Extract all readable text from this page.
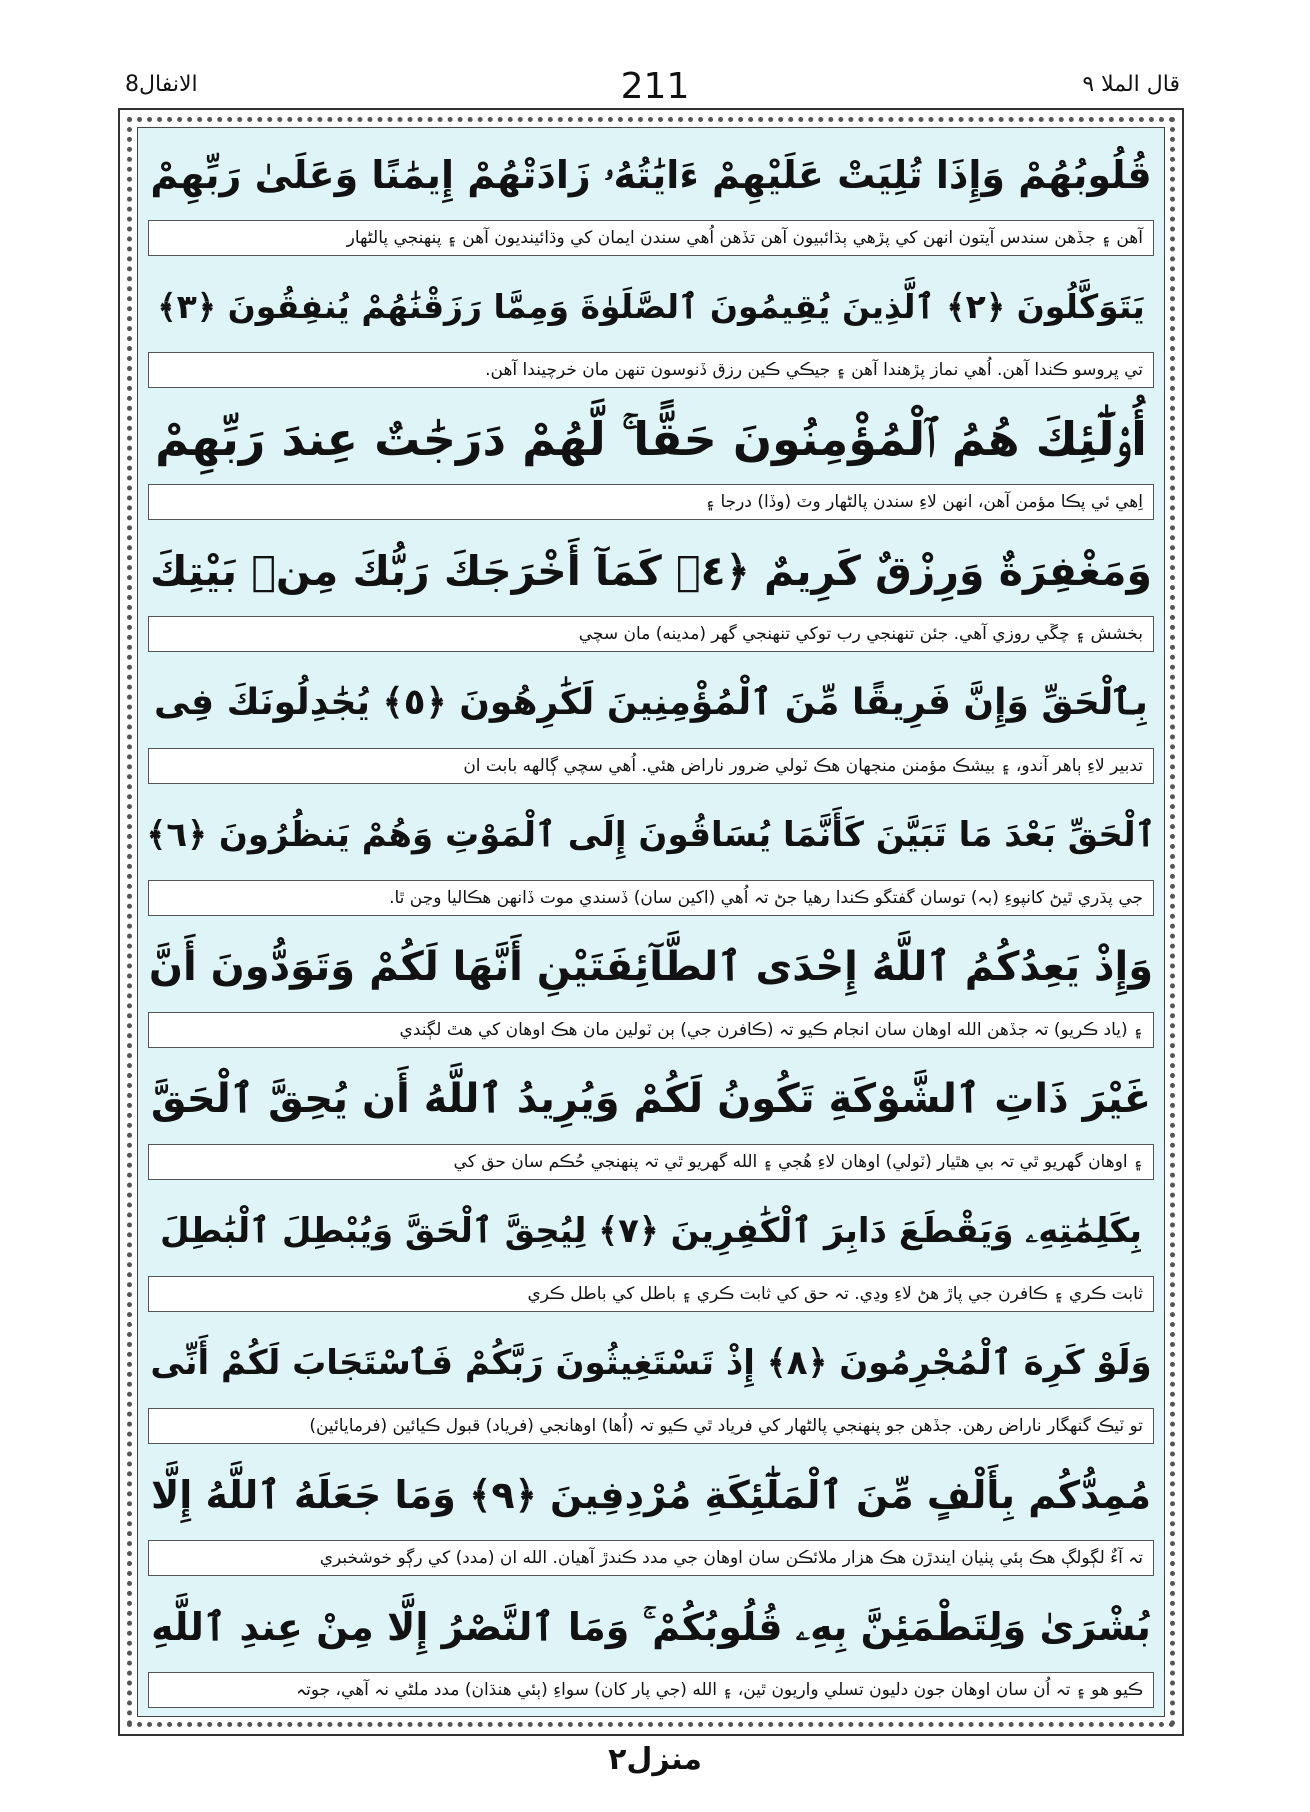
الانفال8	211	قال الملا ٩
قُلُوبُهُمْ وَإِذَا تُلِيَتْ عَلَيْهِمْ ءَايَٰتُهُۥ زَادَتْهُمْ إِيمَٰنًا وَعَلَىٰ رَبِّهِمْ
آهن ۽ جڏهن سندس آيتون انهن کي پڙهي ٻڌائبيون آهن تڏهن اُهي سندن ايمان کي وڌائينديون آهن ۽ پنهنجي پالڻهار
يَتَوَكَّلُونَ ﴿٢﴾ ٱلَّذِينَ يُقِيمُونَ ٱلصَّلَوٰةَ وَمِمَّا رَزَقْنَٰهُمْ يُنفِقُونَ ﴿٣﴾
تي ڀروسو ڪندا آهن. اُهي نماز پڙهندا آهن ۽ جيڪي ڪين رزق ڏنوسون تنهن مان خرچيندا آهن.
أُو۟لَٰٓئِكَ هُمُ ٱلْمُؤْمِنُونَ حَقًّا ۚ لَّهُمْ دَرَجَٰتٌ عِندَ رَبِّهِمْ
اِهي ئي پڪا مؤمن آهن، انهن لاءِ سندن پالڻهار وٽ (وڏا) درجا ۽
وَمَغْفِرَةٌ وَرِزْقٌ كَرِيمٌ ﴿٤﴾ كَمَآ أَخْرَجَكَ رَبُّكَ مِنۢ بَيْتِكَ
بخشش ۽ چڱي روزي آهي. جئن تنهنجي رب توکي تنهنجي گهر (مدينه) مان سچي
بِٱلْحَقِّ وَإِنَّ فَرِيقًا مِّنَ ٱلْمُؤْمِنِينَ لَكَٰرِهُونَ ﴿٥﴾ يُجَٰدِلُونَكَ فِى
تدبير لاءِ ٻاهر آندو، ۽ بيشڪ مؤمنن منجهان هڪ ٽولي ضرور ناراض هئي. اُهي سچي ڳالهه بابت ان
ٱلْحَقِّ بَعْدَ مَا تَبَيَّنَ كَأَنَّمَا يُسَاقُونَ إِلَى ٱلْمَوْتِ وَهُمْ يَنظُرُونَ ﴿٦﴾
جي پڌري ٿيڻ کانپوءِ (بہ) توسان گفتگو ڪندا رهيا جڻ تہ اُهي (اکين سان) ڏسندي موت ڏانهن هڪاليا وڃن ٿا.
وَإِذْ يَعِدُكُمُ ٱللَّهُ إِحْدَى ٱلطَّآئِفَتَيْنِ أَنَّهَا لَكُمْ وَتَوَدُّونَ أَنَّ
۽ (ياد ڪريو) تہ جڏهن الله اوهان سان انجام ڪيو تہ (ڪافرن جي) ٻن ٽولين مان هڪ اوهان کي هٿ لڳندي
غَيْرَ ذَاتِ ٱلشَّوْكَةِ تَكُونُ لَكُمْ وَيُرِيدُ ٱللَّهُ أَن يُحِقَّ ٱلْحَقَّ
۽ اوهان گهريو ٿي تہ بي هٿيار (ٽولي) اوهان لاءِ هُجي ۽ الله گهريو ٿي تہ پنهنجي حُڪم سان حق کي
بِكَلِمَٰتِهِۦ وَيَقْطَعَ دَابِرَ ٱلْكَٰفِرِينَ ﴿٧﴾ لِيُحِقَّ ٱلْحَقَّ وَيُبْطِلَ ٱلْبَٰطِلَ
ثابت ڪري ۽ ڪافرن جي پاڙ ھڻ لاءِ وڍي. تہ حق کي ثابت ڪري ۽ باطل کي باطل ڪري
وَلَوْ كَرِهَ ٱلْمُجْرِمُونَ ﴿٨﴾ إِذْ تَسْتَغِيثُونَ رَبَّكُمْ فَٱسْتَجَابَ لَكُمْ أَنِّى
تو ٽيڪ گنهگار ناراض رهن. جڏهن جو پنهنجي پالڻهار کي فرياد ٿي ڪيو تہ (اُها) اوهانجي (فرياد) قبول ڪيائين (فرمايائين)
مُمِدُّكُم بِأَلْفٍ مِّنَ ٱلْمَلَٰٓئِكَةِ مُرْدِفِينَ ﴿٩﴾ وَمَا جَعَلَهُ ٱللَّهُ إِلَّا
تہ آءٌ لڳولڳ هڪ ٻئي پٺيان ايندڙن هڪ هزار ملائڪن سان اوهان جي مدد ڪندڙ آهيان. الله ان (مدد) کي رڳو خوشخبري
بُشْرَىٰ وَلِتَطْمَئِنَّ بِهِۦ قُلُوبُكُمْ ۚ وَمَا ٱلنَّصْرُ إِلَّا مِنْ عِندِ ٱللَّهِ
ڪيو هو ۽ تہ اُن سان اوهان جون دليون تسلي واريون ٿين، ۽ الله (جي پار کان) سواءِ (ٻئي هنڌان) مدد ملڻي نہ آهي، جوتہ
منزل٢
